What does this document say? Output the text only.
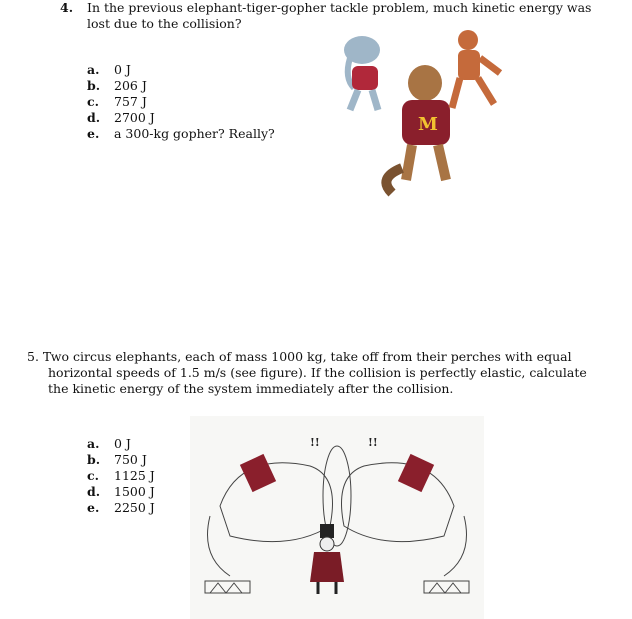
4. In the previous elephant-tiger-gopher tackle problem, much kinetic energy was
lost due to the collision?
a. 0 J
b. 206 J
c. 757 J
d. 2700 J
e. a 300-kg gopher? Really?	M
5. Two circus elephants, each of mass 1000 kg, take off from their perches with equal
horizontal speeds of 1.5 m/s (see figure). If the collision is perfectly elastic, calculate
the kinetic energy of the system immediately after the collision.
a. 0 J
b. 750 J
c. 1125 J
d. 1500 J
e. 2250 J
!!	!!
